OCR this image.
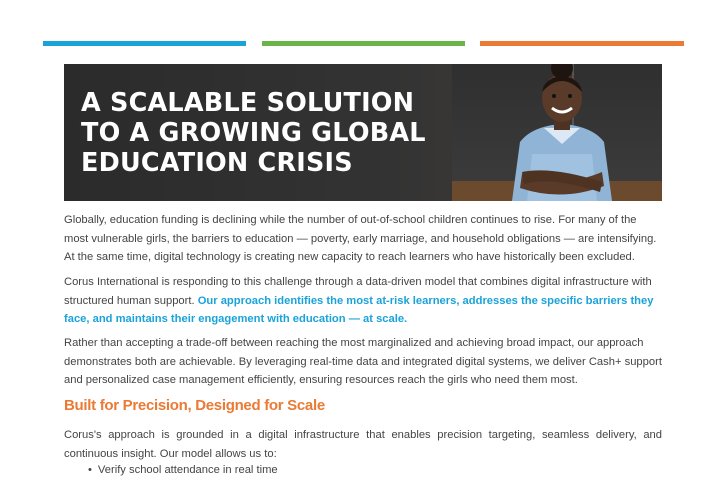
A SCALABLE SOLUTION
TO A GROWING GLOBAL
EDUCATION CRISIS

Globally, education funding is declining while the number of out-of-school children continues to rise. For many of the most vulnerable girls, the barriers to education — poverty, early marriage, and household obligations — are intensifying. At the same time, digital technology is creating new capacity to reach learners who have historically been excluded.

Corus International is responding to this challenge through a data-driven model that combines digital infrastructure with structured human support. Our approach identifies the most at-risk learners, addresses the specific barriers they face, and maintains their engagement with education — at scale.

Rather than accepting a trade-off between reaching the most marginalized and achieving broad impact, our approach demonstrates both are achievable. By leveraging real-time data and integrated digital systems, we deliver Cash+ support and personalized case management efficiently, ensuring resources reach the girls who need them most.

Built for Precision, Designed for Scale

Corus's approach is grounded in a digital infrastructure that enables precision targeting, seamless delivery, and continuous insight. Our model allows us to:

• Verify school attendance in real time
